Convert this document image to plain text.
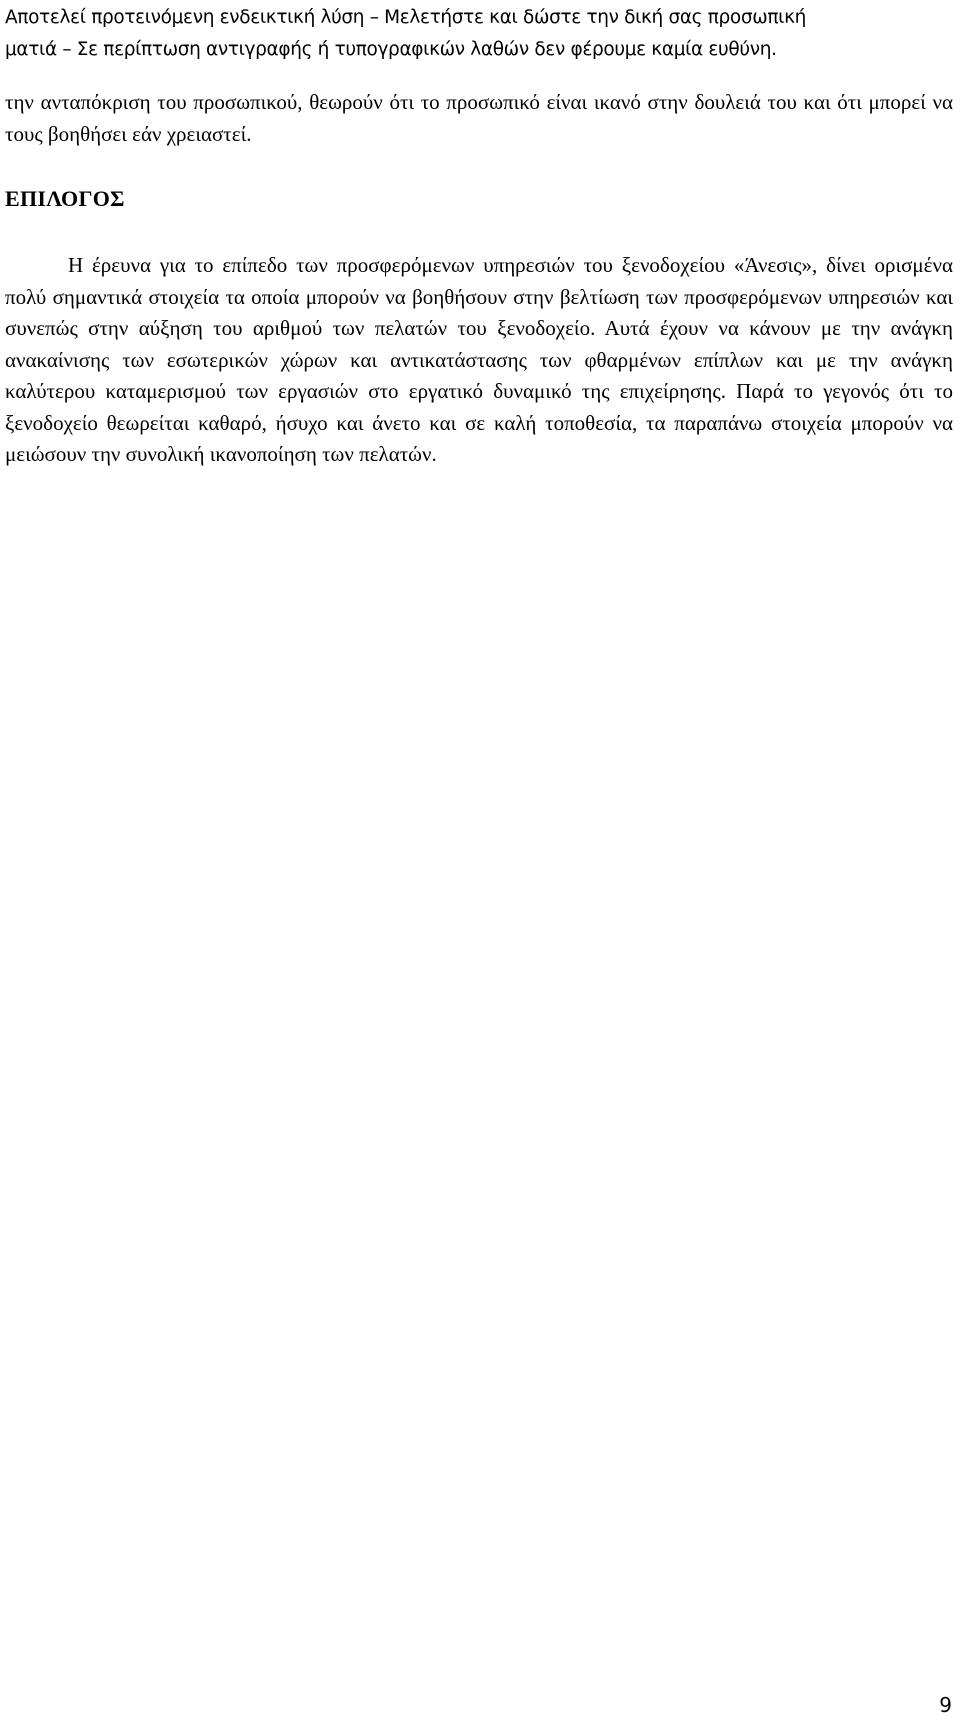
Αποτελεί προτεινόμενη ενδεικτική λύση – Μελετήστε και δώστε την δική σας προσωπική
ματιά – Σε περίπτωση αντιγραφής ή τυπογραφικών λαθών δεν φέρουμε καμία ευθύνη.

την ανταπόκριση του προσωπικού, θεωρούν ότι το προσωπικό είναι ικανό στην δουλειά του και ότι μπορεί να τους βοηθήσει εάν χρειαστεί.

ΕΠΙΛΟΓΟΣ

Η έρευνα για το επίπεδο των προσφερόμενων υπηρεσιών του ξενοδοχείου «Άνεσις», δίνει ορισμένα πολύ σημαντικά στοιχεία τα οποία μπορούν να βοηθήσουν στην βελτίωση των προσφερόμενων υπηρεσιών και συνεπώς στην αύξηση του αριθμού των πελατών του ξενοδοχείο. Αυτά έχουν να κάνουν με την ανάγκη ανακαίνισης των εσωτερικών χώρων και αντικατάστασης των φθαρμένων επίπλων και με την ανάγκη καλύτερου καταμερισμού των εργασιών στο εργατικό δυναμικό της επιχείρησης. Παρά το γεγονός ότι το ξενοδοχείο θεωρείται καθαρό, ήσυχο και άνετο και σε καλή τοποθεσία, τα παραπάνω στοιχεία μπορούν να μειώσουν την συνολική ικανοποίηση των πελατών.

9
